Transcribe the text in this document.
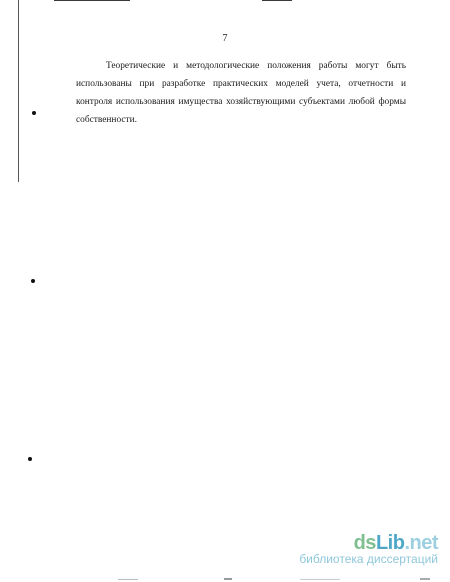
7
Теоретические и методологические положения работы могут быть использованы при разработке практических моделей учета, отчетности и контроля использования имущества хозяйствующими субъектами любой формы собственности.
ds Lib .net
библиотека диссертаций
